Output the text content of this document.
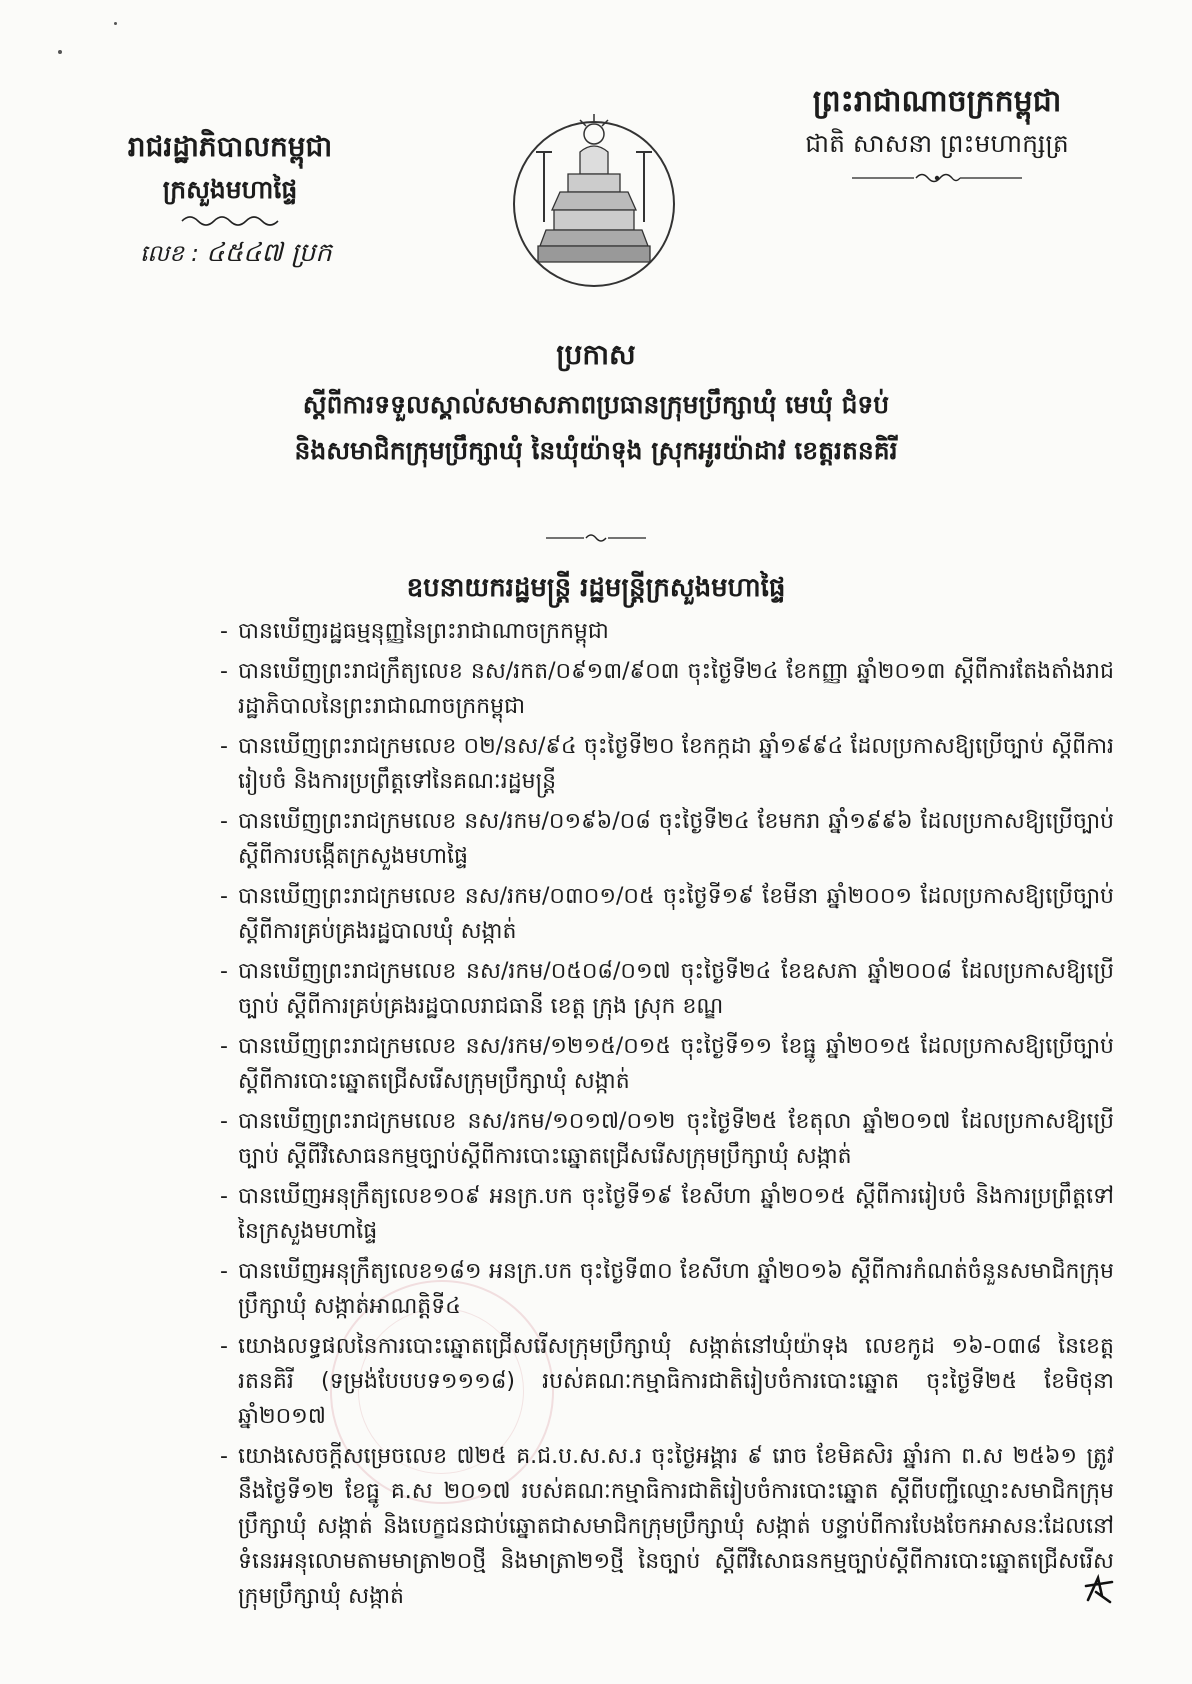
ព្រះរាជាណាចក្រកម្ពុជា
ជាតិ សាសនា ព្រះមហាក្សត្រ
រាជរដ្ឋាភិបាលកម្ពុជា
ក្រសួងមហាផ្ទៃ
លេខ : ៤៥៤៧ ប្រក
ប្រកាស
ស្តីពីការទទួលស្គាល់សមាសភាពប្រធានក្រុមប្រឹក្សាឃុំ មេឃុំ ជំទប់
និងសមាជិកក្រុមប្រឹក្សាឃុំ នៃឃុំយ៉ាទុង ស្រុកអូរយ៉ាដាវ ខេត្តរតនគិរី
ឧបនាយករដ្ឋមន្ត្រី រដ្ឋមន្ត្រីក្រសួងមហាផ្ទៃ
- បានឃើញរដ្ឋធម្មនុញ្ញនៃព្រះរាជាណាចក្រកម្ពុជា
- បានឃើញព្រះរាជក្រឹត្យលេខ នស/រកត/០៩១៣/៩០៣ ចុះថ្ងៃទី២៤ ខែកញ្ញា ឆ្នាំ២០១៣ ស្តីពីការតែងតាំងរាជរដ្ឋាភិបាលនៃព្រះរាជាណាចក្រកម្ពុជា
- បានឃើញព្រះរាជក្រមលេខ ០២/នស/៩៤ ចុះថ្ងៃទី២០ ខែកក្កដា ឆ្នាំ១៩៩៤ ដែលប្រកាសឱ្យប្រើច្បាប់ ស្តីពីការរៀបចំ និងការប្រព្រឹត្តទៅនៃគណៈរដ្ឋមន្ត្រី
- បានឃើញព្រះរាជក្រមលេខ នស/រកម/០១៩៦/០៨ ចុះថ្ងៃទី២៤ ខែមករា ឆ្នាំ១៩៩៦ ដែលប្រកាសឱ្យប្រើច្បាប់ ស្តីពីការបង្កើតក្រសួងមហាផ្ទៃ
- បានឃើញព្រះរាជក្រមលេខ នស/រកម/០៣០១/០៥ ចុះថ្ងៃទី១៩ ខែមីនា ឆ្នាំ២០០១ ដែលប្រកាសឱ្យប្រើច្បាប់ ស្តីពីការគ្រប់គ្រងរដ្ឋបាលឃុំ សង្កាត់
- បានឃើញព្រះរាជក្រមលេខ នស/រកម/០៥០៨/០១៧ ចុះថ្ងៃទី២៤ ខែឧសភា ឆ្នាំ២០០៨ ដែលប្រកាសឱ្យប្រើច្បាប់ ស្តីពីការគ្រប់គ្រងរដ្ឋបាលរាជធានី ខេត្ត ក្រុង ស្រុក ខណ្ឌ
- បានឃើញព្រះរាជក្រមលេខ នស/រកម/១២១៥/០១៥ ចុះថ្ងៃទី១១ ខែធ្នូ ឆ្នាំ២០១៥ ដែលប្រកាសឱ្យប្រើច្បាប់ ស្តីពីការបោះឆ្នោតជ្រើសរើសក្រុមប្រឹក្សាឃុំ សង្កាត់
- បានឃើញព្រះរាជក្រមលេខ នស/រកម/១០១៧/០១២ ចុះថ្ងៃទី២៥ ខែតុលា ឆ្នាំ២០១៧ ដែលប្រកាសឱ្យប្រើច្បាប់ ស្តីពីវិសោធនកម្មច្បាប់ស្តីពីការបោះឆ្នោតជ្រើសរើសក្រុមប្រឹក្សាឃុំ សង្កាត់
- បានឃើញអនុក្រឹត្យលេខ១០៩ អនក្រ.បក ចុះថ្ងៃទី១៩ ខែសីហា ឆ្នាំ២០១៥ ស្តីពីការរៀបចំ និងការប្រព្រឹត្តទៅនៃក្រសួងមហាផ្ទៃ
- បានឃើញអនុក្រឹត្យលេខ១៨១ អនក្រ.បក ចុះថ្ងៃទី៣០ ខែសីហា ឆ្នាំ២០១៦ ស្តីពីការកំណត់ចំនួនសមាជិកក្រុមប្រឹក្សាឃុំ សង្កាត់អាណត្តិទី៤
- យោងលទ្ធផលនៃការបោះឆ្នោតជ្រើសរើសក្រុមប្រឹក្សាឃុំ សង្កាត់នៅឃុំយ៉ាទុង លេខកូដ ១៦-០៣៨ នៃខេត្តរតនគិរី (ទម្រង់បែបបទ១១១៨) របស់គណៈកម្មាធិការជាតិរៀបចំការបោះឆ្នោត ចុះថ្ងៃទី២៥ ខែមិថុនា ឆ្នាំ២០១៧
- យោងសេចក្តីសម្រេចលេខ ៧២៥ គ.ជ.ប.ស.ស.រ ចុះថ្ងៃអង្គារ ៩ រោច ខែមិគសិរ ឆ្នាំរកា ព.ស ២៥៦១ ត្រូវនឹងថ្ងៃទី១២ ខែធ្នូ គ.ស ២០១៧ របស់គណៈកម្មាធិការជាតិរៀបចំការបោះឆ្នោត ស្តីពីបញ្ជីឈ្មោះសមាជិកក្រុមប្រឹក្សាឃុំ សង្កាត់ និងបេក្ខជនជាប់ឆ្នោតជាសមាជិកក្រុមប្រឹក្សាឃុំ សង្កាត់ បន្ទាប់ពីការបែងចែកអាសនៈដែលនៅទំនេរអនុលោមតាមមាត្រា២០ថ្មី និងមាត្រា២១ថ្មី នៃច្បាប់ ស្តីពីវិសោធនកម្មច្បាប់ស្តីពីការបោះឆ្នោតជ្រើសរើសក្រុមប្រឹក្សាឃុំ សង្កាត់
